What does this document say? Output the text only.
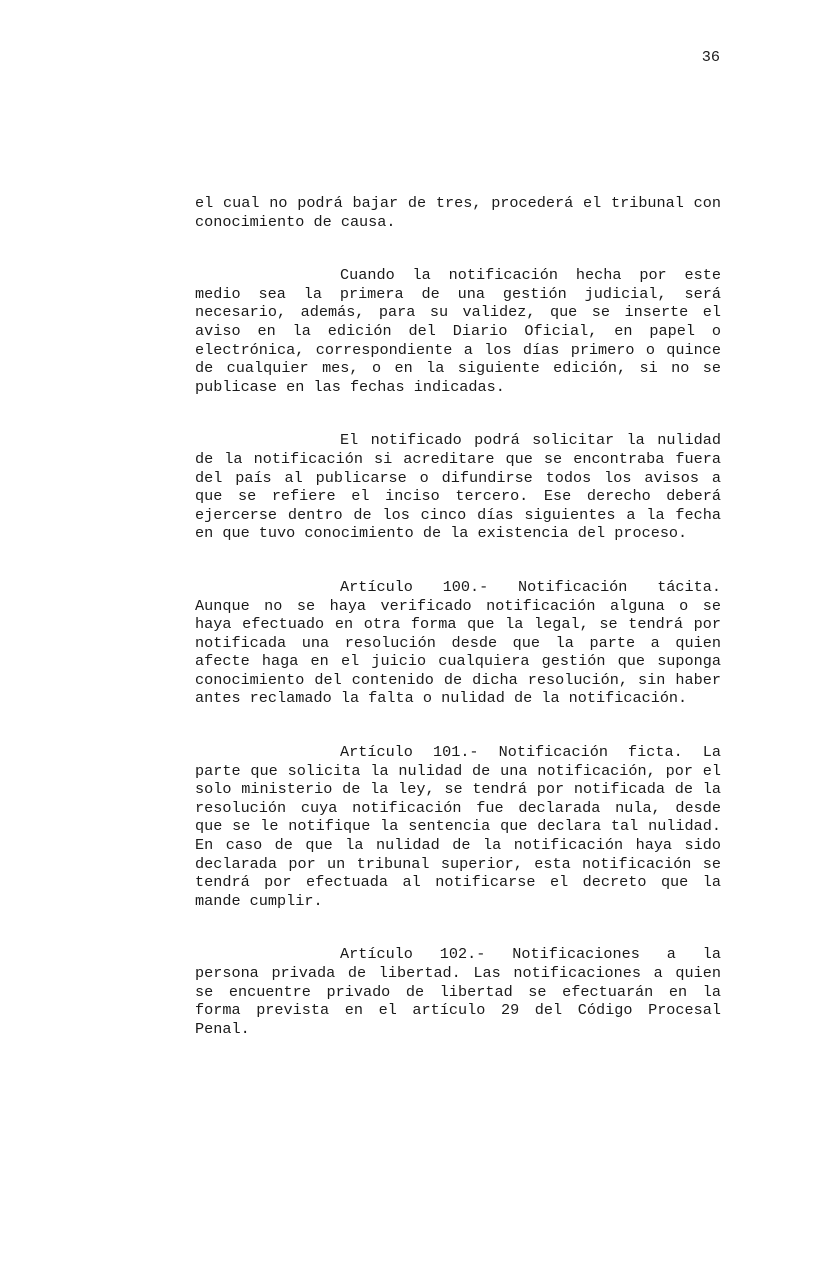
36

el cual no podrá bajar de tres, procederá el tribunal con conocimiento de causa.

Cuando la notificación hecha por este medio sea la primera de una gestión judicial, será necesario, además, para su validez, que se inserte el aviso en la edición del Diario Oficial, en papel o electrónica, correspondiente a los días primero o quince de cualquier mes, o en la siguiente edición, si no se publicase en las fechas indicadas.

El notificado podrá solicitar la nulidad de la notificación si acreditare que se encontraba fuera del país al publicarse o difundirse todos los avisos a que se refiere el inciso tercero. Ese derecho deberá ejercerse dentro de los cinco días siguientes a la fecha en que tuvo conocimiento de la existencia del proceso.

Artículo 100.- Notificación tácita. Aunque no se haya verificado notificación alguna o se haya efectuado en otra forma que la legal, se tendrá por notificada una resolución desde que la parte a quien afecte haga en el juicio cualquiera gestión que suponga conocimiento del contenido de dicha resolución, sin haber antes reclamado la falta o nulidad de la notificación.

Artículo 101.- Notificación ficta. La parte que solicita la nulidad de una notificación, por el solo ministerio de la ley, se tendrá por notificada de la resolución cuya notificación fue declarada nula, desde que se le notifique la sentencia que declara tal nulidad. En caso de que la nulidad de la notificación haya sido declarada por un tribunal superior, esta notificación se tendrá por efectuada al notificarse el decreto que la mande cumplir.

Artículo 102.- Notificaciones a la persona privada de libertad. Las notificaciones a quien se encuentre privado de libertad se efectuarán en la forma prevista en el artículo 29 del Código Procesal Penal.
